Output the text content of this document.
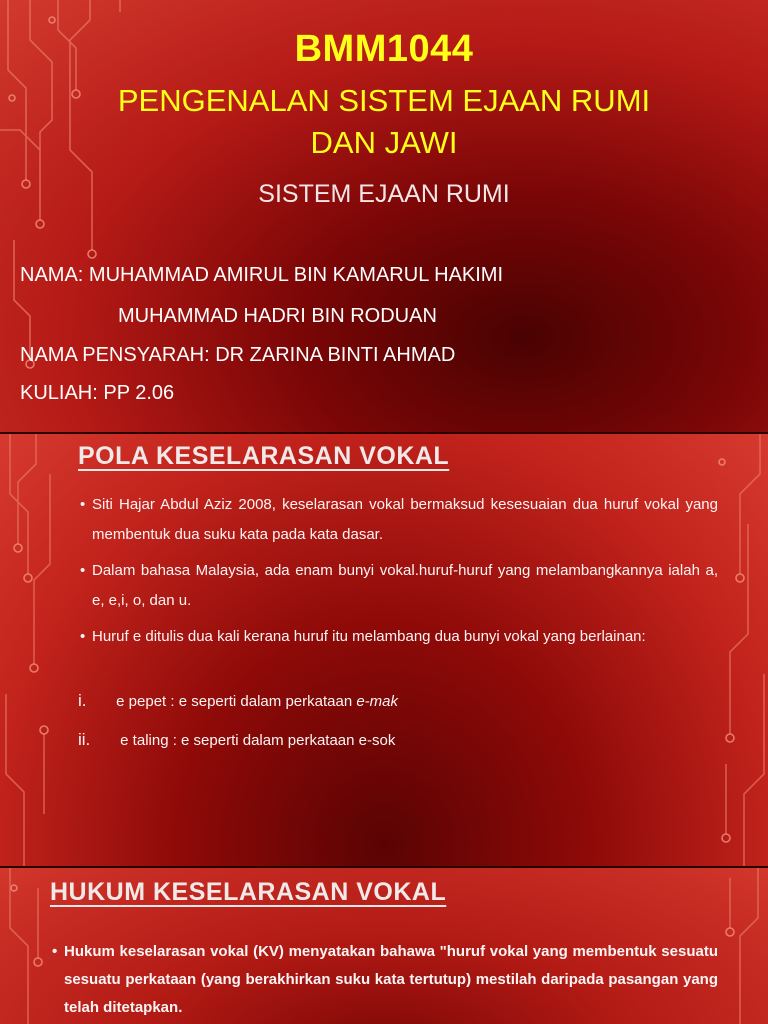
BMM1044
PENGENALAN SISTEM EJAAN RUMI DAN JAWI
SISTEM EJAAN RUMI
NAMA: MUHAMMAD AMIRUL BIN KAMARUL HAKIMI
MUHAMMAD HADRI BIN RODUAN
NAMA PENSYARAH: DR ZARINA BINTI AHMAD
KULIAH: PP 2.06
POLA KESELARASAN VOKAL
• Siti Hajar Abdul Aziz 2008, keselarasan vokal bermaksud kesesuaian dua huruf vokal yang membentuk dua suku kata pada kata dasar.
• Dalam bahasa Malaysia, ada enam bunyi vokal.huruf-huruf yang melambangkannya ialah a, e, e,i, o, dan u.
• Huruf e ditulis dua kali kerana huruf itu melambang dua bunyi vokal yang berlainan:
i. e pepet : e seperti dalam perkataan e-mak
ii. e taling : e seperti dalam perkataan e-sok
HUKUM KESELARASAN VOKAL
• Hukum keselarasan vokal (KV) menyatakan bahawa "huruf vokal yang membentuk sesuatu sesuatu perkataan (yang berakhirkan suku kata tertutup) mestilah daripada pasangan yang telah ditetapkan.
